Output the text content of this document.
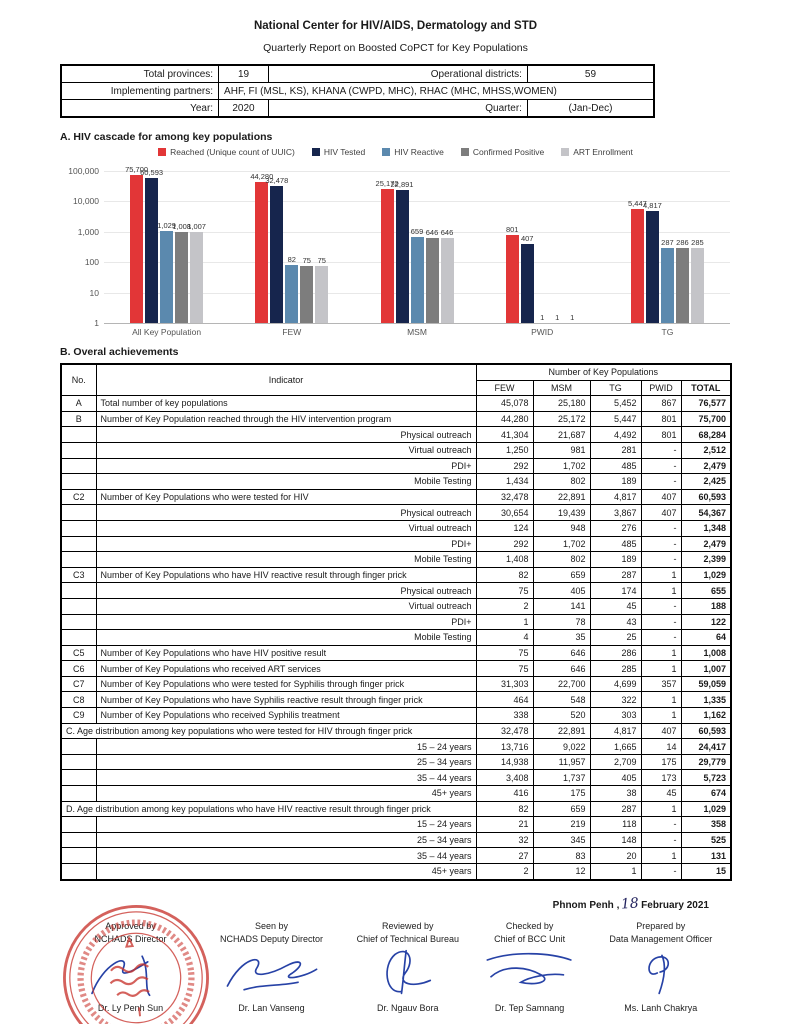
National Center for HIV/AIDS, Dermatology and STD
Quarterly Report on Boosted CoPCT for Key Populations
Total provinces:	19	Operational districts:	59
Implementing partners:	AHF, FI (MSL, KS), KHANA (CWPD, MHC), RHAC (MHC, MHSS,WOMEN)		
Year:	2020	Quarter:	(Jan-Dec)
A. HIV cascade for among key populations
Reached (Unique count of UUIC)	HIV Tested	HIV Reactive	Confirmed Positive	ART Enrollment
100,000
10,000
1,000
100
10
1
75,700
60,593
1,029
1,008
1,007
44,280
32,478
82 75 75
25,172
22,891
659 646 646	801
407
1 1 1
5,447
4,817
287 286 285
All Key Population	FEW	MSM	PWID	TG
B. Overal achievements
No.	Indicator	Number of Key Populations				
		FEW	MSM	TG	PWID	TOTAL
A	Total number of key populations	45,078	25,180	5,452	867	76,577
B	Number of Key Population reached through the HIV intervention program	44,280	25,172	5,447	801	75,700
	Physical outreach	41,304	21,687	4,492	801	68,284
	Virtual outreach	1,250	981	281	-	2,512
	PDI+	292	1,702	485	-	2,479
	Mobile Testing	1,434	802	189	-	2,425
C2	Number of Key Populations who were tested for HIV	32,478	22,891	4,817	407	60,593
	Physical outreach	30,654	19,439	3,867	407	54,367
	Virtual outreach	124	948	276	-	1,348
	PDI+	292	1,702	485	-	2,479
	Mobile Testing	1,408	802	189	-	2,399
C3	Number of Key Populations who have HIV reactive result through finger prick	82	659	287	1	1,029
	Physical outreach	75	405	174	1	655
	Virtual outreach	2	141	45	-	188
	PDI+	1	78	43	-	122
	Mobile Testing	4	35	25	-	64
C5	Number of Key Populations who have HIV positive result	75	646	286	1	1,008
C6	Number of Key Populations who received ART services	75	646	285	1	1,007
C7	Number of Key Populations who were tested for Syphilis through finger prick	31,303	22,700	4,699	357	59,059
C8	Number of Key Populations who have Syphilis reactive result through finger prick	464	548	322	1	1,335
C9	Number of Key Populations who received Syphilis treatment	338	520	303	1	1,162
C. Age distribution among key populations who were tested for HIV through finger prick		32,478	22,891	4,817	407	60,593
	15 – 24 years	13,716	9,022	1,665	14	24,417
	25 – 34 years	14,938	11,957	2,709	175	29,779
	35 – 44 years	3,408	1,737	405	173	5,723
	45+ years	416	175	38	45	674
D. Age distribution among key populations who have HIV reactive result through finger prick		82	659	287	1	1,029
	15 – 24 years	21	219	118	-	358
	25 – 34 years	32	345	148	-	525
	35 – 44 years	27	83	20	1	131
	45+ years	2	12	1	-	15
Phnom Penh ,18February 2021
Approved by
NCHADS Director
Dr. Ly Penh Sun
Seen by
NCHADS Deputy Director
Dr. Lan Vanseng
Reviewed by
Chief of Technical Bureau
Dr. Ngauv Bora
Checked by
Chief of BCC Unit
Dr. Tep Samnang
Prepared by
Data Management Officer
Ms. Lanh Chakrya
